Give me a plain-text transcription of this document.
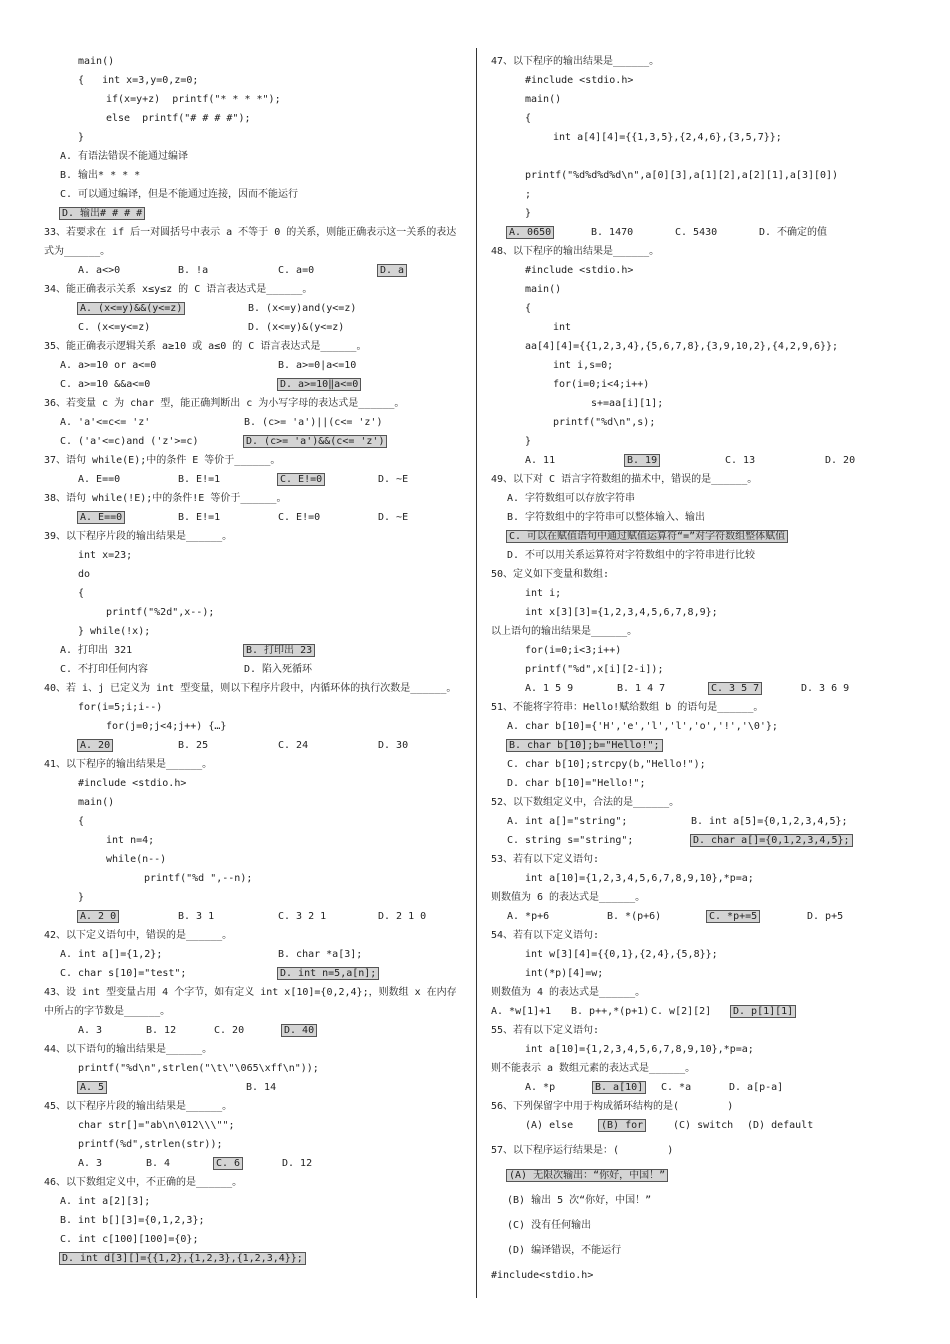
main()
{   int x=3,y=0,z=0;
if(x=y+z)  printf("* * * *");
else  printf("# # # #");
}
A. 有语法错误不能通过编译
B. 输出* * * *
C. 可以通过编译，但是不能通过连接，因而不能运行
D. 输出# # # #
33、若要求在 if 后一对圆括号中表示 a 不等于 0 的关系，则能正确表示这一关系的表达式为______。
A. a<>0	B. !a	C. a=0	D. a
34、能正确表示关系 x≤y≤z 的 C 语言表达式是______。
A. (x<=y)&&(y<=z)	B. (x<=y)and(y<=z)
C. (x<=y<=z)	D. (x<=y)&(y<=z)
35、能正确表示逻辑关系 a≥10 或 a≤0 的 C 语言表达式是______。
A. a>=10 or a<=0	B. a>=0|a<=10
C. a>=10 &&a<=0	D. a>=10‖a<=0
36、若变量 c 为 char 型，能正确判断出 c 为小写字母的表达式是______。
A. 'a'<=c<= 'z'	B. (c>= 'a')||(c<= 'z')
C. ('a'<=c)and ('z'>=c)	D. (c>= 'a')&&(c<= 'z')
37、语句 while(E);中的条件 E 等价于______。
A. E==0	B. E!=1	C. E!=0	D. ~E
38、语句 while(!E);中的条件!E 等价于______。
A. E==0	B. E!=1	C. E!=0	D. ~E
39、以下程序片段的输出结果是______。
int x=23;
do
{
printf("%2d",x--);
} while(!x);
A. 打印出 321	B. 打印出 23
C. 不打印任何内容	D. 陷入死循环
40、若 i、j 已定义为 int 型变量，则以下程序片段中，内循环体的执行次数是______。
for(i=5;i;i--)
for(j=0;j<4;j++) {…}
A. 20	B. 25	C. 24	D. 30
41、以下程序的输出结果是______。
#include <stdio.h>
main()
{
int n=4;
while(n--)
printf("%d ",--n);
}
A. 2 0	B. 3 1	C. 3 2 1	D. 2 1 0
42、以下定义语句中，错误的是______。
A. int a[]={1,2};	B. char *a[3];
C. char s[10]="test";	D. int n=5,a[n];
43、设 int 型变量占用 4 个字节，如有定义 int x[10]={0,2,4};，则数组 x 在内存中所占的字节数是______。
A. 3	B. 12	C. 20	D. 40
44、以下语句的输出结果是______。
printf("%d\n",strlen("\t\"\065\xff\n"));
A. 5	B. 14
45、以下程序片段的输出结果是______。
char str[]="ab\n\012\\\"";
printf(%d",strlen(str));
A. 3	B. 4	C. 6	D. 12
46、以下数组定义中，不正确的是______。
A. int a[2][3];
B. int b[][3]={0,1,2,3};
C. int c[100][100]={0};
D. int d[3][]={{1,2},{1,2,3},{1,2,3,4}};
47、以下程序的输出结果是______。
#include <stdio.h>
main()
{
int a[4][4]={{1,3,5},{2,4,6},{3,5,7}};
printf("%d%d%d%d\n",a[0][3],a[1][2],a[2][1],a[3][0])
;
}
A. 0650	B. 1470	C. 5430	D. 不确定的值
48、以下程序的输出结果是______。
#include <stdio.h>
main()
{
int
aa[4][4]={{1,2,3,4},{5,6,7,8},{3,9,10,2},{4,2,9,6}};
int i,s=0;
for(i=0;i<4;i++)
s+=aa[i][1];
printf("%d\n",s);
}
A. 11	B. 19	C. 13	D. 20
49、以下对 C 语言字符数组的描术中，错误的是______。
A. 字符数组可以存放字符串
B. 字符数组中的字符串可以整体输入、输出
C. 可以在赋值语句中通过赋值运算符“=”对字符数组整体赋值
D. 不可以用关系运算符对字符数组中的字符串进行比较
50、定义如下变量和数组:
int i;
int x[3][3]={1,2,3,4,5,6,7,8,9};
以上语句的输出结果是______。
for(i=0;i<3;i++)
printf("%d",x[i][2-i]);
A. 1 5 9	B. 1 4 7	C. 3 5 7	D. 3 6 9
51、不能将字符串：Hello!赋给数组 b 的语句是______。
A. char b[10]={'H','e','l','l','o','!','\0'};
B. char b[10];b="Hello!";
C. char b[10];strcpy(b,"Hello!");
D. char b[10]="Hello!";
52、以下数组定义中，合法的是______。
A. int a[]="string";	B. int a[5]={0,1,2,3,4,5};
C. string s="string";	D. char a[]={0,1,2,3,4,5};
53、若有以下定义语句:
int a[10]={1,2,3,4,5,6,7,8,9,10},*p=a;
则数值为 6 的表达式是______。
A. *p+6	B. *(p+6)	C. *p+=5	D. p+5
54、若有以下定义语句:
int w[3][4]={{0,1},{2,4},{5,8}};
int(*p)[4]=w;
则数值为 4 的表达式是______。
A. *w[1]+1	B. p++,*(p+1) C. w[2][2]	D. p[1][1]
55、若有以下定义语句:
int a[10]={1,2,3,4,5,6,7,8,9,10},*p=a;
则不能表示 a 数组元素的表达式是______。
A. *p	B. a[10]	C. *a	D. a[p-a]
56、下列保留字中用于构成循环结构的是(        )
(A) else	(B) for	(C) switch	(D) default
57、以下程序运行结果是：(        )
(A) 无限次输出：“你好，中国！”
(B) 输出 5 次“你好，中国！”
(C) 没有任何输出
(D) 编译错误，不能运行
#include<stdio.h>
